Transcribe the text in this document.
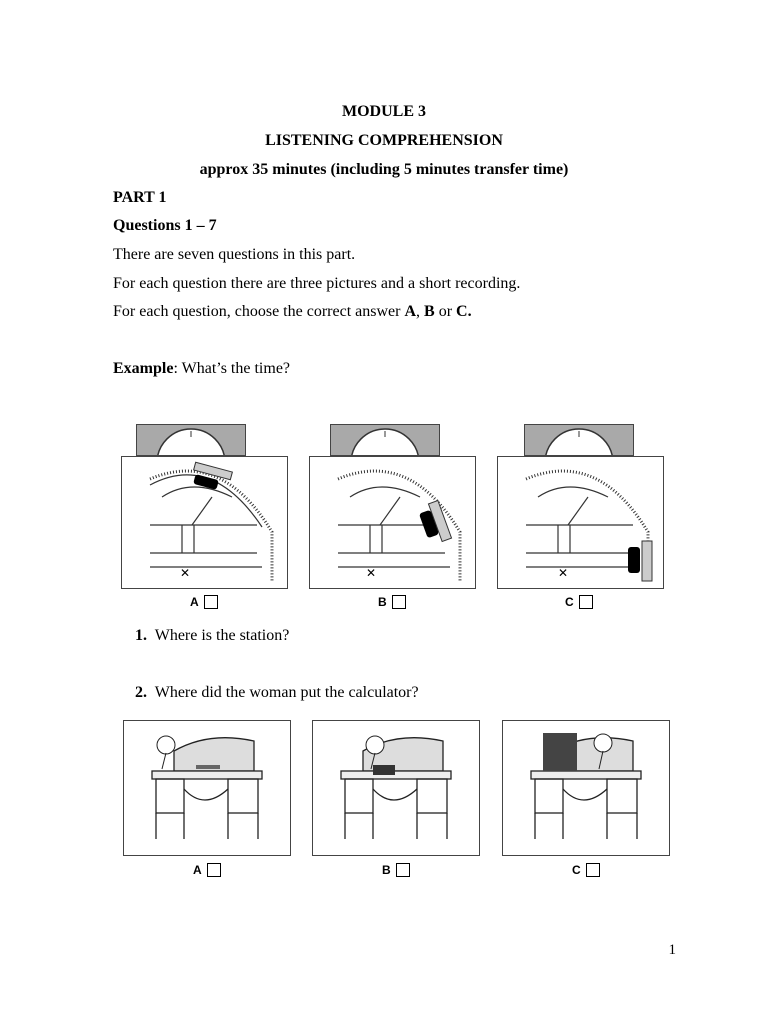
MODULE 3
LISTENING COMPREHENSION
approx 35 minutes (including 5 minutes transfer time)
PART 1
Questions 1 – 7
There are seven questions in this part.
For each question there are three pictures and a short recording.
For each question, choose the correct answer A, B or C.
Example: What’s the time?
✕	✕	✕
A	B	C
1. Where is the station?
2. Where did the woman put the calculator?
A	B	C
1
